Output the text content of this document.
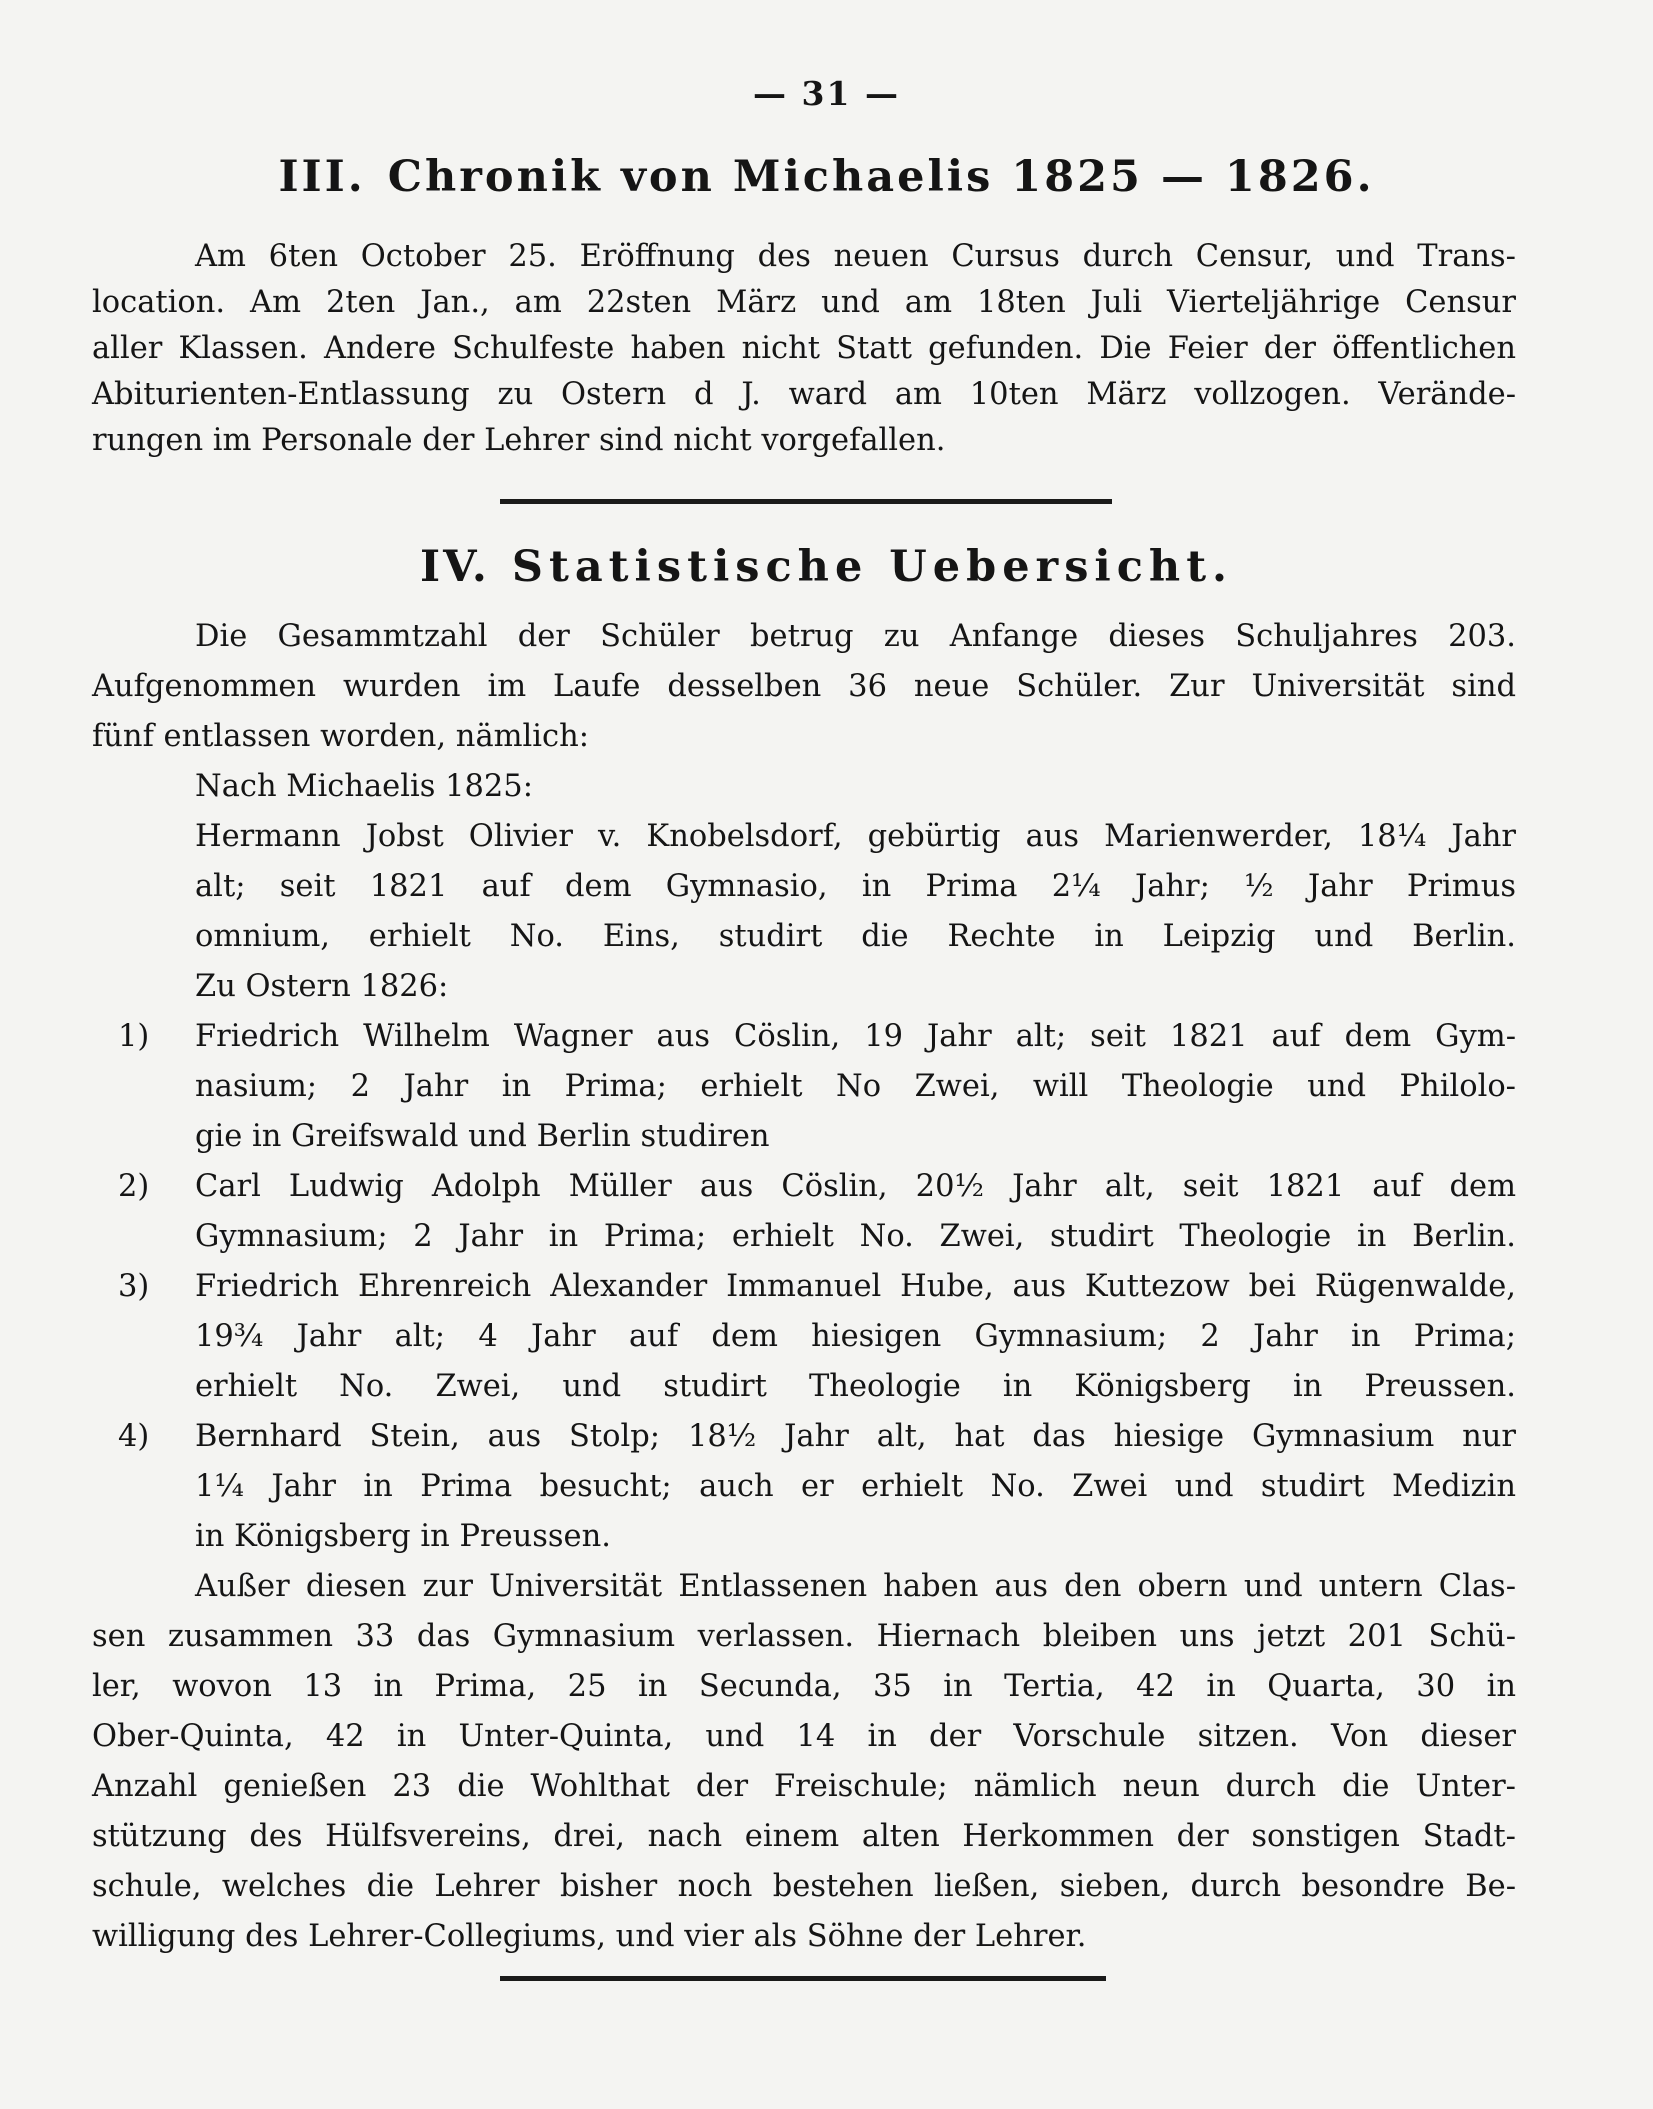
— 31 —
III. Chronik von Michaelis 1825 — 1826.
Am 6ten October 25. Eröffnung des neuen Cursus durch Censur, und Trans-
location. Am 2ten Jan., am 22sten März und am 18ten Juli Vierteljährige Censur
aller Klassen. Andere Schulfeste haben nicht Statt gefunden. Die Feier der öffentlichen
Abiturienten-Entlassung zu Ostern d J. ward am 10ten März vollzogen. Verände-
rungen im Personale der Lehrer sind nicht vorgefallen.
IV. Statistische Uebersicht.
Die Gesammtzahl der Schüler betrug zu Anfange dieses Schuljahres 203.
Aufgenommen wurden im Laufe desselben 36 neue Schüler. Zur Universität sind
fünf entlassen worden, nämlich:
Nach Michaelis 1825:
Hermann Jobst Olivier v. Knobelsdorf, gebürtig aus Marienwerder, 18¼ Jahr
alt; seit 1821 auf dem Gymnasio, in Prima 2¼ Jahr; ½ Jahr Primus
omnium, erhielt No. Eins, studirt die Rechte in Leipzig und Berlin.
Zu Ostern 1826:
1) Friedrich Wilhelm Wagner aus Cöslin, 19 Jahr alt; seit 1821 auf dem Gym-
nasium; 2 Jahr in Prima; erhielt No Zwei, will Theologie und Philolo-
gie in Greifswald und Berlin studiren
2) Carl Ludwig Adolph Müller aus Cöslin, 20½ Jahr alt, seit 1821 auf dem
Gymnasium; 2 Jahr in Prima; erhielt No. Zwei, studirt Theologie in Berlin.
3) Friedrich Ehrenreich Alexander Immanuel Hube, aus Kuttezow bei Rügenwalde,
19¾ Jahr alt; 4 Jahr auf dem hiesigen Gymnasium; 2 Jahr in Prima;
erhielt No. Zwei, und studirt Theologie in Königsberg in Preussen.
4) Bernhard Stein, aus Stolp; 18½ Jahr alt, hat das hiesige Gymnasium nur
1¼ Jahr in Prima besucht; auch er erhielt No. Zwei und studirt Medizin
in Königsberg in Preussen.
Außer diesen zur Universität Entlassenen haben aus den obern und untern Clas-
sen zusammen 33 das Gymnasium verlassen. Hiernach bleiben uns jetzt 201 Schü-
ler, wovon 13 in Prima, 25 in Secunda, 35 in Tertia, 42 in Quarta, 30 in
Ober-Quinta, 42 in Unter-Quinta, und 14 in der Vorschule sitzen. Von dieser
Anzahl genießen 23 die Wohlthat der Freischule; nämlich neun durch die Unter-
stützung des Hülfsvereins, drei, nach einem alten Herkommen der sonstigen Stadt-
schule, welches die Lehrer bisher noch bestehen ließen, sieben, durch besondre Be-
willigung des Lehrer-Collegiums, und vier als Söhne der Lehrer.
